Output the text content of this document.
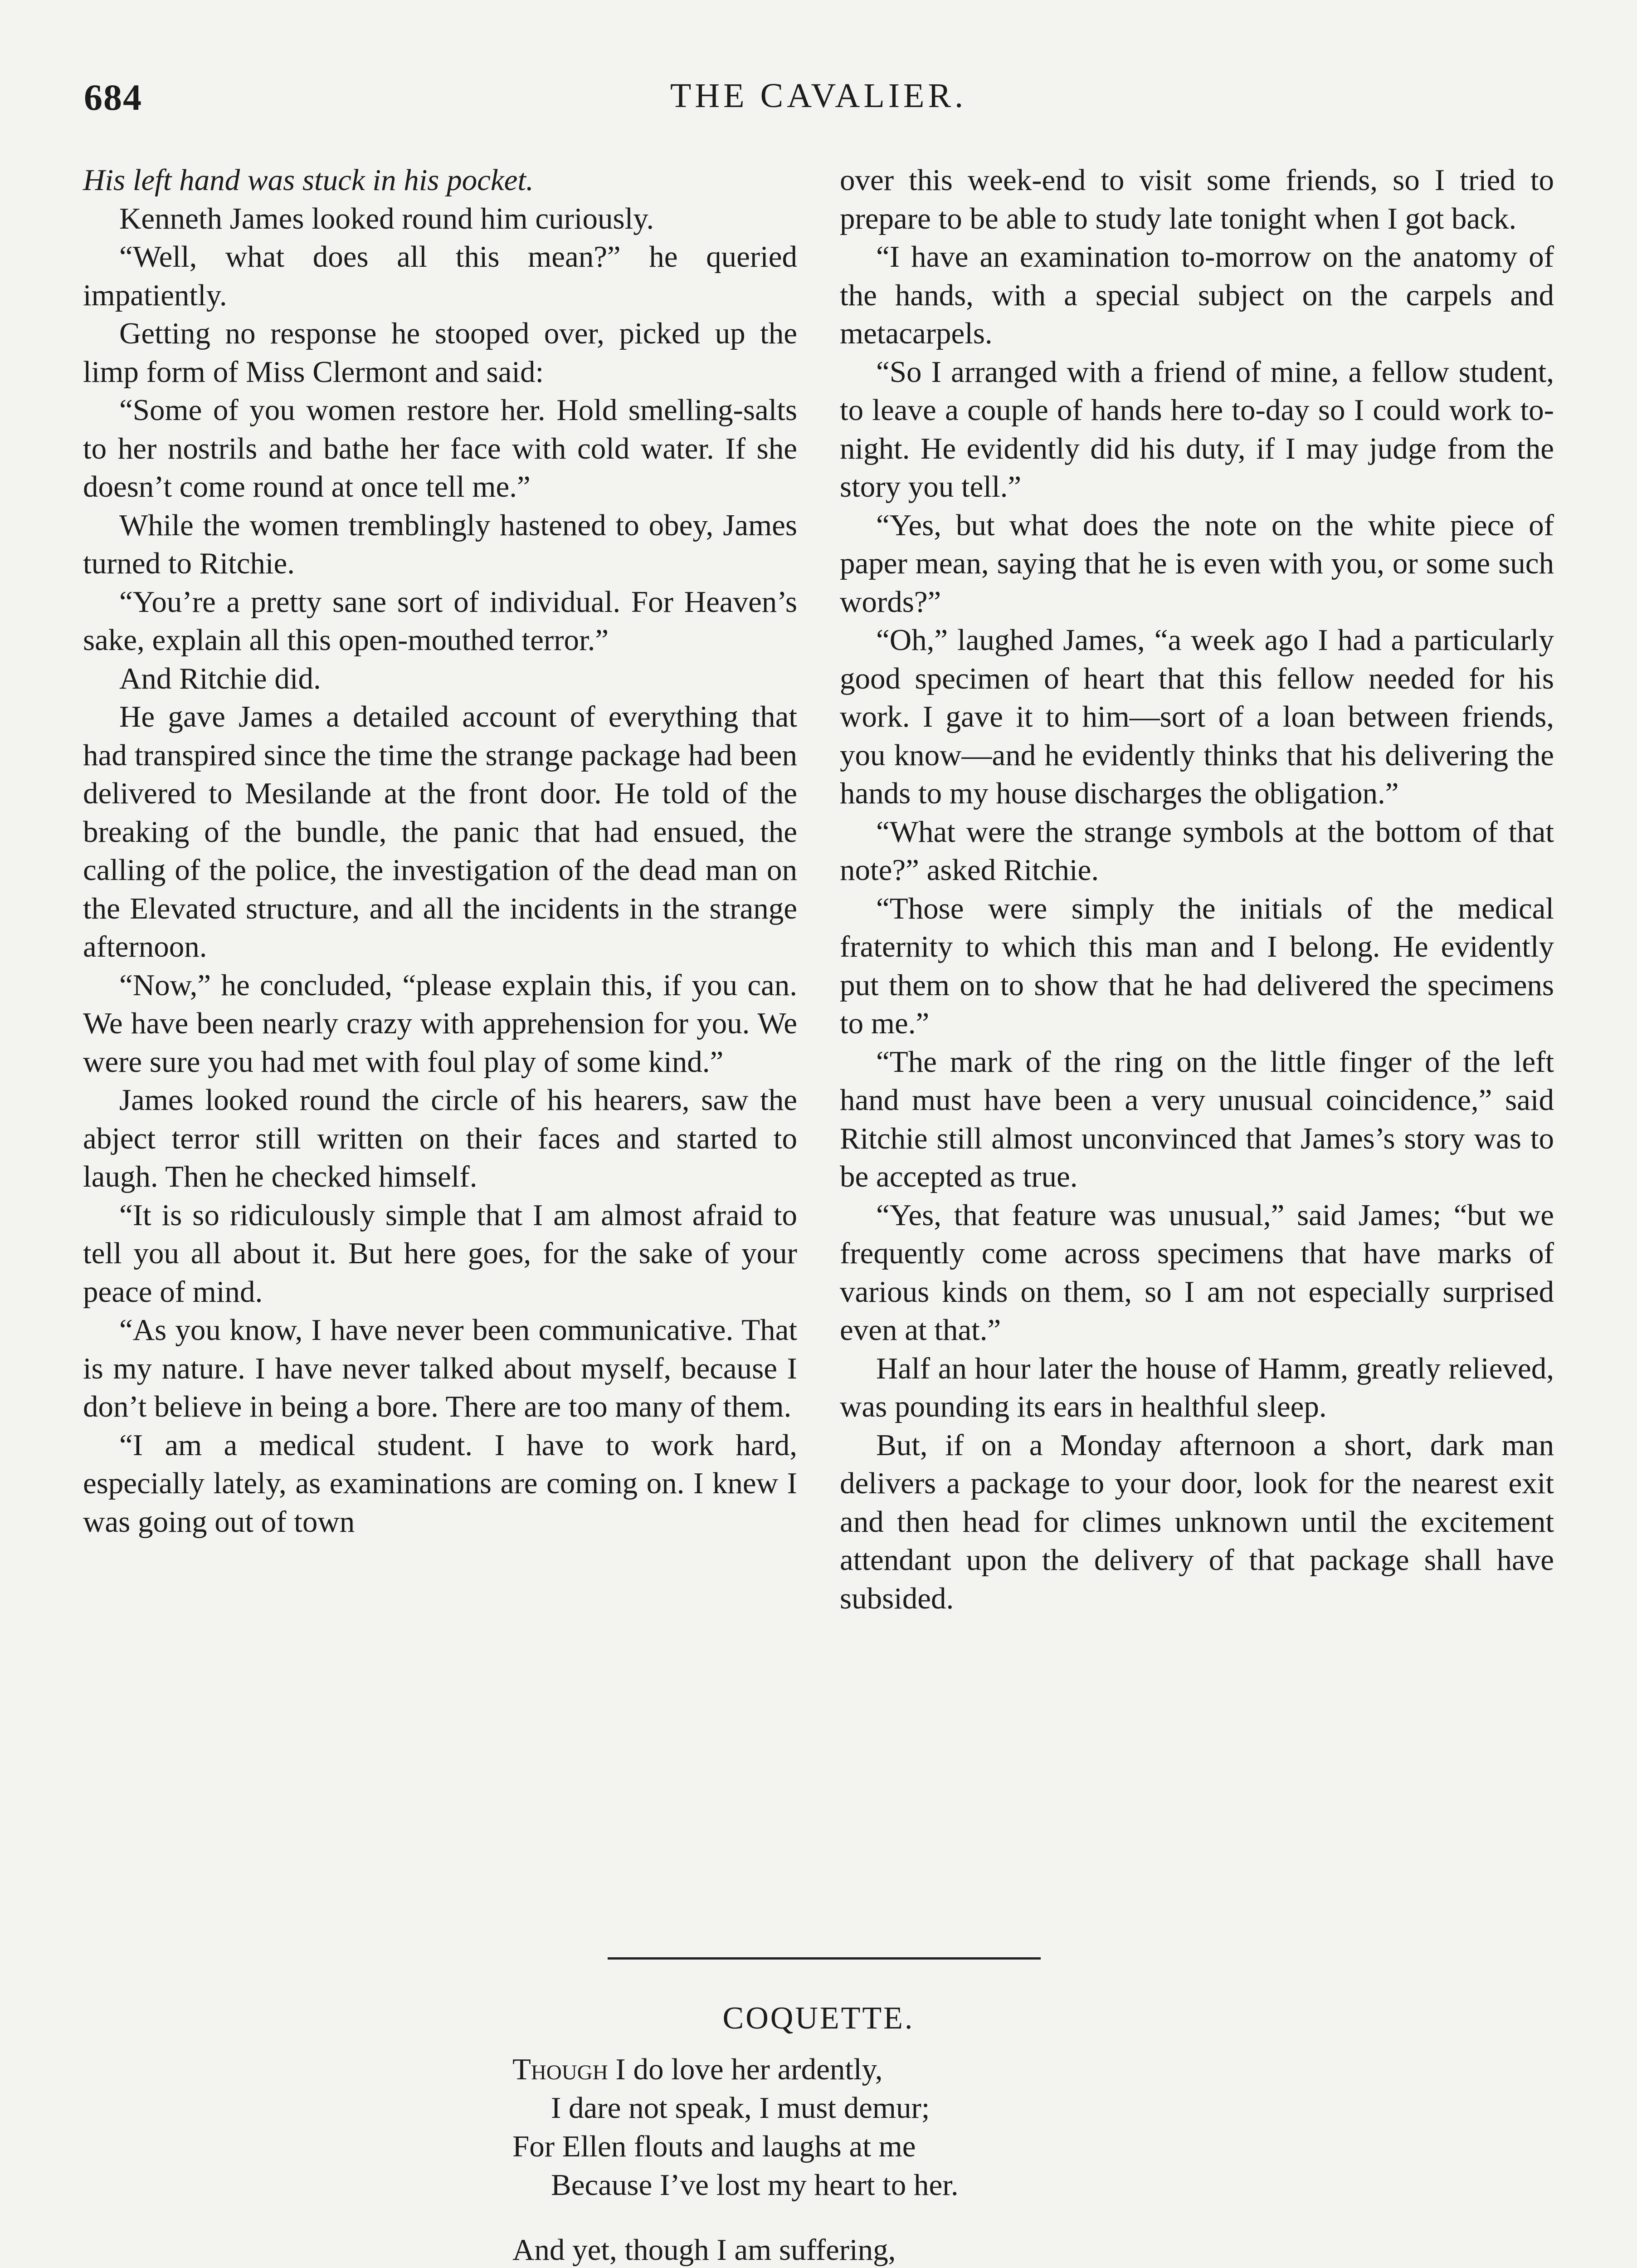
684	THE CAVALIER.

His left hand was stuck in his pocket.

Kenneth James looked round him curiously.

“Well, what does all this mean?” he queried impatiently.

Getting no response he stooped over, picked up the limp form of Miss Clermont and said:

“Some of you women restore her. Hold smelling-salts to her nostrils and bathe her face with cold water. If she doesn’t come round at once tell me.”

While the women tremblingly hastened to obey, James turned to Ritchie.

“You’re a pretty sane sort of individual. For Heaven’s sake, explain all this open-mouthed terror.”

And Ritchie did.

He gave James a detailed account of everything that had transpired since the time the strange package had been delivered to Mesilande at the front door. He told of the breaking of the bundle, the panic that had ensued, the calling of the police, the investigation of the dead man on the Elevated structure, and all the incidents in the strange afternoon.

“Now,” he concluded, “please explain this, if you can. We have been nearly crazy with apprehension for you. We were sure you had met with foul play of some kind.”

James looked round the circle of his hearers, saw the abject terror still written on their faces and started to laugh. Then he checked himself.

“It is so ridiculously simple that I am almost afraid to tell you all about it. But here goes, for the sake of your peace of mind.

“As you know, I have never been communicative. That is my nature. I have never talked about myself, because I don’t believe in being a bore. There are too many of them.

“I am a medical student. I have to work hard, especially lately, as examinations are coming on. I knew I was going out of town

over this week-end to visit some friends, so I tried to prepare to be able to study late tonight when I got back.

“I have an examination to-morrow on the anatomy of the hands, with a special subject on the carpels and metacarpels.

“So I arranged with a friend of mine, a fellow student, to leave a couple of hands here to-day so I could work to-night. He evidently did his duty, if I may judge from the story you tell.”

“Yes, but what does the note on the white piece of paper mean, saying that he is even with you, or some such words?”

“Oh,” laughed James, “a week ago I had a particularly good specimen of heart that this fellow needed for his work. I gave it to him—sort of a loan between friends, you know—and he evidently thinks that his delivering the hands to my house discharges the obligation.”

“What were the strange symbols at the bottom of that note?” asked Ritchie.

“Those were simply the initials of the medical fraternity to which this man and I belong. He evidently put them on to show that he had delivered the specimens to me.”

“The mark of the ring on the little finger of the left hand must have been a very unusual coincidence,” said Ritchie still almost unconvinced that James’s story was to be accepted as true.

“Yes, that feature was unusual,” said James; “but we frequently come across specimens that have marks of various kinds on them, so I am not especially surprised even at that.”

Half an hour later the house of Hamm, greatly relieved, was pounding its ears in healthful sleep.

But, if on a Monday afternoon a short, dark man delivers a package to your door, look for the nearest exit and then head for climes unknown until the excitement attendant upon the delivery of that package shall have subsided.

COQUETTE.
Though I do love her ardently,
I dare not speak, I must demur;
For Ellen flouts and laughs at me
Because I’ve lost my heart to her.
And yet, though I am suffering,
